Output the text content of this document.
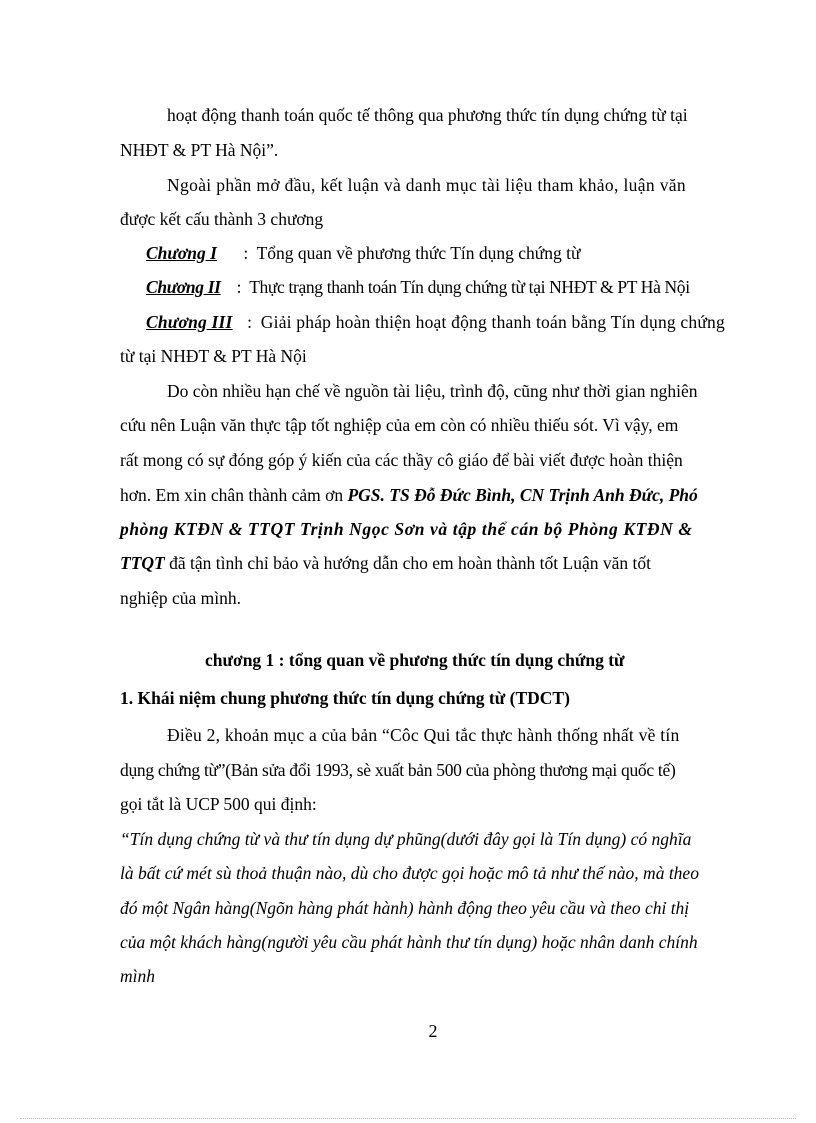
hoạt động thanh toán quốc tế thông qua phương thức tín dụng chứng từ tại
NHĐT & PT Hà Nội”.
Ngoài phần mở đầu, kết luận và danh mục tài liệu tham khảo, luận văn
được kết cấu thành 3 chương
Chương I : Tổng quan về phương thức Tín dụng chứng từ
Chương II : Thực trạng thanh toán Tín dụng chứng từ tại NHĐT & PT Hà Nội
Chương III : Giải pháp hoàn thiện hoạt động thanh toán bằng Tín dụng chứng
từ tại NHĐT & PT Hà Nội
Do còn nhiều hạn chế về nguồn tài liệu, trình độ, cũng như thời gian nghiên
cứu nên Luận văn thực tập tốt nghiệp của em còn có nhiều thiếu sót. Vì vậy, em
rất mong có sự đóng góp ý kiến của các thầy cô giáo để bài viết được hoàn thiện
hơn. Em xin chân thành cảm ơn PGS. TS Đỗ Đức Bình, CN Trịnh Anh Đức, Phó
phòng KTĐN & TTQT Trịnh Ngọc Sơn và tập thể cán bộ Phòng KTĐN &
TTQT đã tận tình chỉ bảo và hướng dẫn cho em hoàn thành tốt Luận văn tốt
nghiệp của mình.
chương 1 : tổng quan về phương thức tín dụng chứng từ
1. Khái niệm chung phương thức tín dụng chứng từ (TDCT)
Điều 2, khoản mục a của bản “Côc Qui tắc thực hành thống nhất về tín
dụng chứng từ”(Bản sửa đổi 1993, sè xuất bản 500 của phòng thương mại quốc tế)
gọi tắt là UCP 500 qui định:
“Tín dụng chứng từ và thư tín dụng dự phũng(dưới đây gọi là Tín dụng) có nghĩa
là bất cứ mét sù thoả thuận nào, dù cho được gọi hoặc mô tả như thế nào, mà theo
đó một Ngân hàng(Ngõn hàng phát hành) hành động theo yêu cầu và theo chỉ thị
của một khách hàng(người yêu cầu phát hành thư tín dụng) hoặc nhân danh chính
mình
2
